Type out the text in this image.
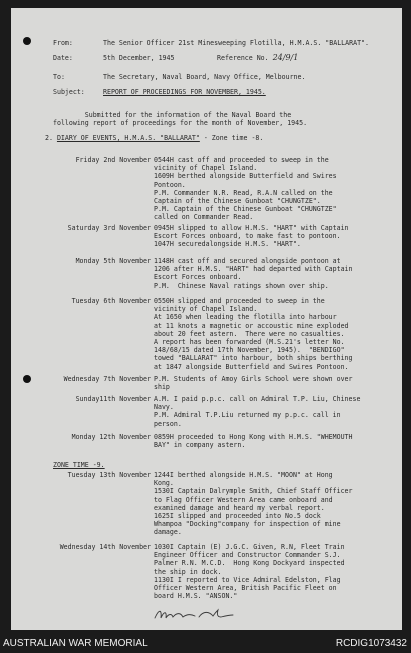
From:	The Senior Officer 21st Minesweeping Flotilla, H.M.A.S. "BALLARAT".
Date:	5th December, 1945	Reference No. 24/9/1
To:	The Secretary, Naval Board, Navy Office, Melbourne.
Subject:	REPORT OF PROCEEDINGS FOR NOVEMBER, 1945.
Submitted for the information of the Naval Board the
following report of proceedings for the month of November, 1945.
2. DIARY OF EVENTS, H.M.A.S. "BALLARAT" - Zone time -8.
Friday 2nd November 0544H cast off and proceeded to sweep in the
vicinity of Chapel Island.
1609H berthed alongside Butterfield and Swires
Pontoon.
P.M. Commander N.R. Read, R.A.N called on the
Captain of the Chinese Gunboat "CHUNGTZE".
P.M. Captain of the Chinese Gunboat "CHUNGTZE"
called on Commander Read.
Saturday 3rd November 0945H slipped to allow H.M.S. "HART" with Captain
Escort Forces onboard, to make fast to pontoon.
1047H securedalongside H.M.S. "HART".
Monday 5th November 1148H cast off and secured alongside pontoon at
1206 after H.M.S. "HART" had departed with Captain
Escort Forces onboard.
P.M.  Chinese Naval ratings shown over ship.
Tuesday 6th November 0550H slipped and proceeded to sweep in the
vicinity of Chapel Island.
At 1650 when leading the flotilla into harbour
at 11 knots a magnetic or accoustic mine exploded
about 20 feet astern.  There were no casualties.
A report has been forwarded (M.S.21's letter No.
148/68/15 dated 17th November, 1945).  "BENDIGO"
towed "BALLARAT" into harbour, both ships berthing
at 1847 alongside Butterfield and Swires Pontoon.
Wednesday 7th November P.M. Students of Amoy Girls School were shown over
ship
Sunday11th November A.M. I paid p.p.c. call on Admiral T.P. Liu, Chinese
Navy.
P.M. Admiral T.P.Liu returned my p.p.c. call in
person.
Monday 12th November 0859H proceeded to Hong Kong with H.M.S. "WHEMOUTH
BAY" in company astern.
ZONE TIME -9.
Tuesday 13th November 1244I berthed alongside H.M.S. "MOON" at Hong
Kong.
1530I Captain Dalrymple Smith, Chief Staff Officer
to Flag Officer Western Area came onboard and
examined damage and heard my verbal report.
1625I slipped and proceeded into No.5 dock
Whampoa "Docking"company for inspection of mine
damage.
Wednesday 14th November 1030I Captain (E) J.G.C. Given, R.N, Fleet Train
Engineer Officer and Constructor Commander S.J.
Palmer R.N. M.C.D.  Hong Kong Dockyard inspected
the ship in dock.
1130I I reported to Vice Admiral Edelston, Flag
Officer Western Area, British Pacific Fleet on
board H.M.S. "ANSON."
AUSTRALIAN WAR MEMORIAL	RCDIG1073432
